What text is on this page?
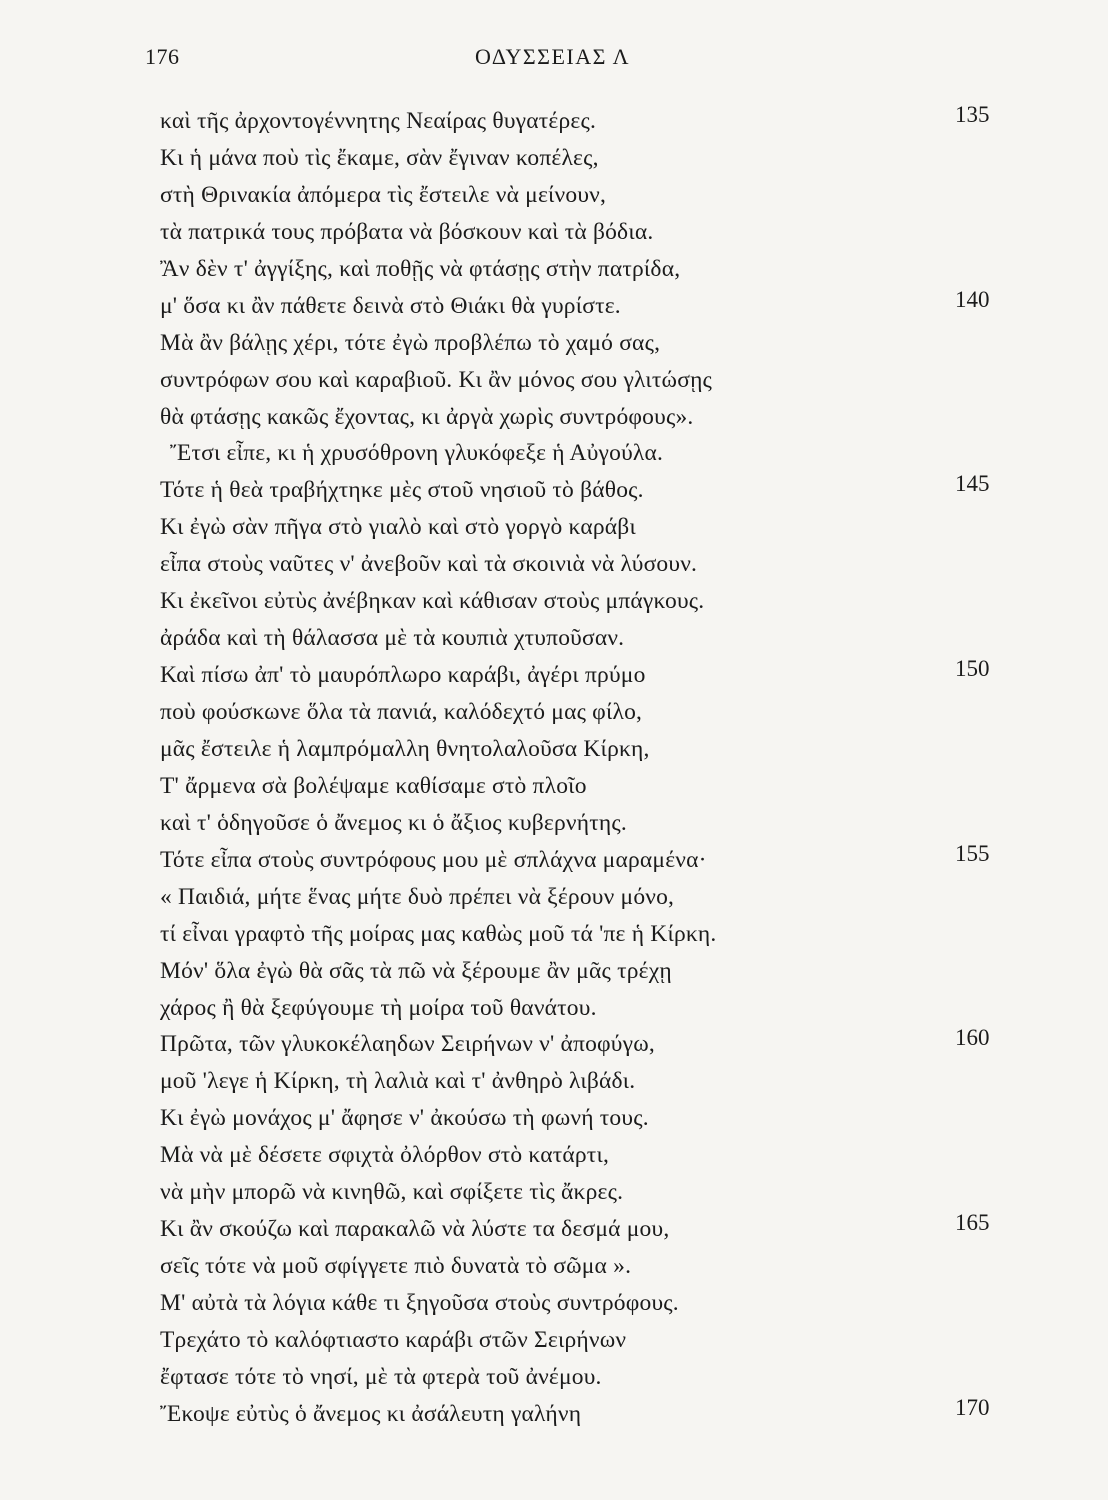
176	ΟΔΥΣΣΕΙΑΣ Λ
καὶ τῆς ἀρχοντογέννητης Νεαίρας θυγατέρες.	135
Κι ἡ μάνα ποὺ τὶς ἔκαμε, σὰν ἔγιναν κοπέλες,
στὴ Θρινακία ἀπόμερα τὶς ἔστειλε νὰ μείνουν,
τὰ πατρικά τους πρόβατα νὰ βόσκουν καὶ τὰ βόδια.
Ἂν δὲν τ' ἀγγίξης, καὶ ποθῇς νὰ φτάσῃς στὴν πατρίδα,
μ' ὅσα κι ἂν πάθετε δεινὰ στὸ Θιάκι θὰ γυρίστε.	140
Μὰ ἂν βάλῃς χέρι, τότε ἐγὼ προβλέπω τὸ χαμό σας,
συντρόφων σου καὶ καραβιοῦ. Κι ἂν μόνος σου γλιτώσῃς
θὰ φτάσῃς κακῶς ἔχοντας, κι ἀργὰ χωρὶς συντρόφους».
Ἔτσι εἶπε, κι ἡ χρυσόθρονη γλυκόφεξε ἡ Αὐγούλα.
Τότε ἡ θεὰ τραβήχτηκε μὲς στοῦ νησιοῦ τὸ βάθος.	145
Κι ἐγὼ σὰν πῆγα στὸ γιαλὸ καὶ στὸ γοργὸ καράβι
εἶπα στοὺς ναῦτες ν' ἀνεβοῦν καὶ τὰ σκοινιὰ νὰ λύσουν.
Κι ἐκεῖνοι εὐτὺς ἀνέβηκαν καὶ κάθισαν στοὺς μπάγκους.
ἀράδα καὶ τὴ θάλασσα μὲ τὰ κουπιὰ χτυποῦσαν.
Καὶ πίσω ἀπ' τὸ μαυρόπλωρο καράβι, ἀγέρι πρύμο	150
ποὺ φούσκωνε ὅλα τὰ πανιά, καλόδεχτό μας φίλο,
μᾶς ἔστειλε ἡ λαμπρόμαλλη θνητολαλοῦσα Κίρκη,
Τ' ἄρμενα σὰ βολέψαμε καθίσαμε στὸ πλοῖο
καὶ τ' ὁδηγοῦσε ὁ ἄνεμος κι ὁ ἄξιος κυβερνήτης.
Τότε εἶπα στοὺς συντρόφους μου μὲ σπλάχνα μαραμένα·	155
« Παιδιά, μήτε ἕνας μήτε δυὸ πρέπει νὰ ξέρουν μόνο,
τί εἶναι γραφτὸ τῆς μοίρας μας καθὼς μοῦ τά 'πε ἡ Κίρκη.
Μόν' ὅλα ἐγὼ θὰ σᾶς τὰ πῶ νὰ ξέρουμε ἂν μᾶς τρέχῃ
χάρος ἢ θὰ ξεφύγουμε τὴ μοίρα τοῦ θανάτου.
Πρῶτα, τῶν γλυκοκέλαηδων Σειρήνων ν' ἀποφύγω,	160
μοῦ 'λεγε ἡ Κίρκη, τὴ λαλιὰ καὶ τ' ἀνθηρὸ λιβάδι.
Κι ἐγὼ μονάχος μ' ἄφησε ν' ἀκούσω τὴ φωνή τους.
Μὰ νὰ μὲ δέσετε σφιχτὰ ὀλόρθον στὸ κατάρτι,
νὰ μὴν μπορῶ νὰ κινηθῶ, καὶ σφίξετε τὶς ἄκρες.
Κι ἂν σκούζω καὶ παρακαλῶ νὰ λύστε τα δεσμά μου,	165
σεῖς τότε νὰ μοῦ σφίγγετε πιὸ δυνατὰ τὸ σῶμα ».
Μ' αὐτὰ τὰ λόγια κάθε τι ξηγοῦσα στοὺς συντρόφους.
Τρεχάτο τὸ καλόφτιαστο καράβι στῶν Σειρήνων
ἔφτασε τότε τὸ νησί, μὲ τὰ φτερὰ τοῦ ἀνέμου.
Ἔκοψε εὐτὺς ὁ ἄνεμος κι ἀσάλευτη γαλήνη	170
